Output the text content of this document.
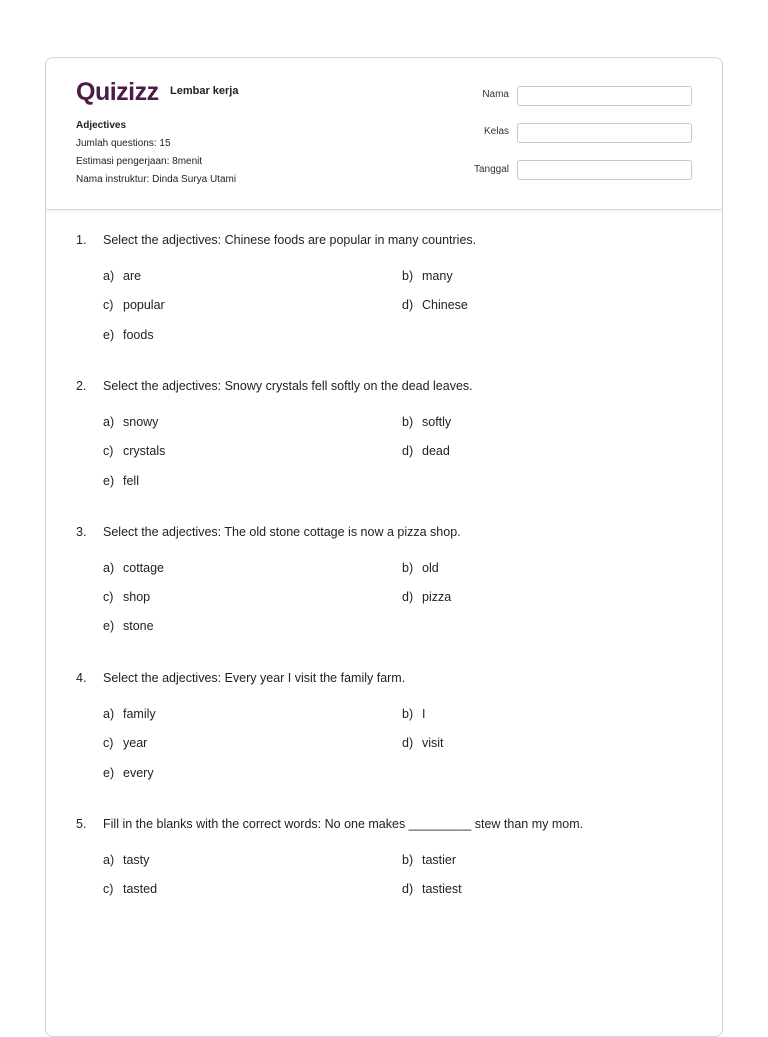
Quizizz Lembar kerja
Adjectives
Jumlah questions: 15
Estimasi pengerjaan: 8menit
Nama instruktur: Dinda Surya Utami
Nama
Kelas
Tanggal
1. Select the adjectives: Chinese foods are popular in many countries.
a) are	b) many
c) popular	d) Chinese
e) foods
2. Select the adjectives: Snowy crystals fell softly on the dead leaves.
a) snowy	b) softly
c) crystals	d) dead
e) fell
3. Select the adjectives: The old stone cottage is now a pizza shop.
a) cottage	b) old
c) shop	d) pizza
e) stone
4. Select the adjectives: Every year I visit the family farm.
a) family	b) I
c) year	d) visit
e) every
5. Fill in the blanks with the correct words: No one makes _________ stew than my mom.
a) tasty	b) tastier
c) tasted	d) tastiest
